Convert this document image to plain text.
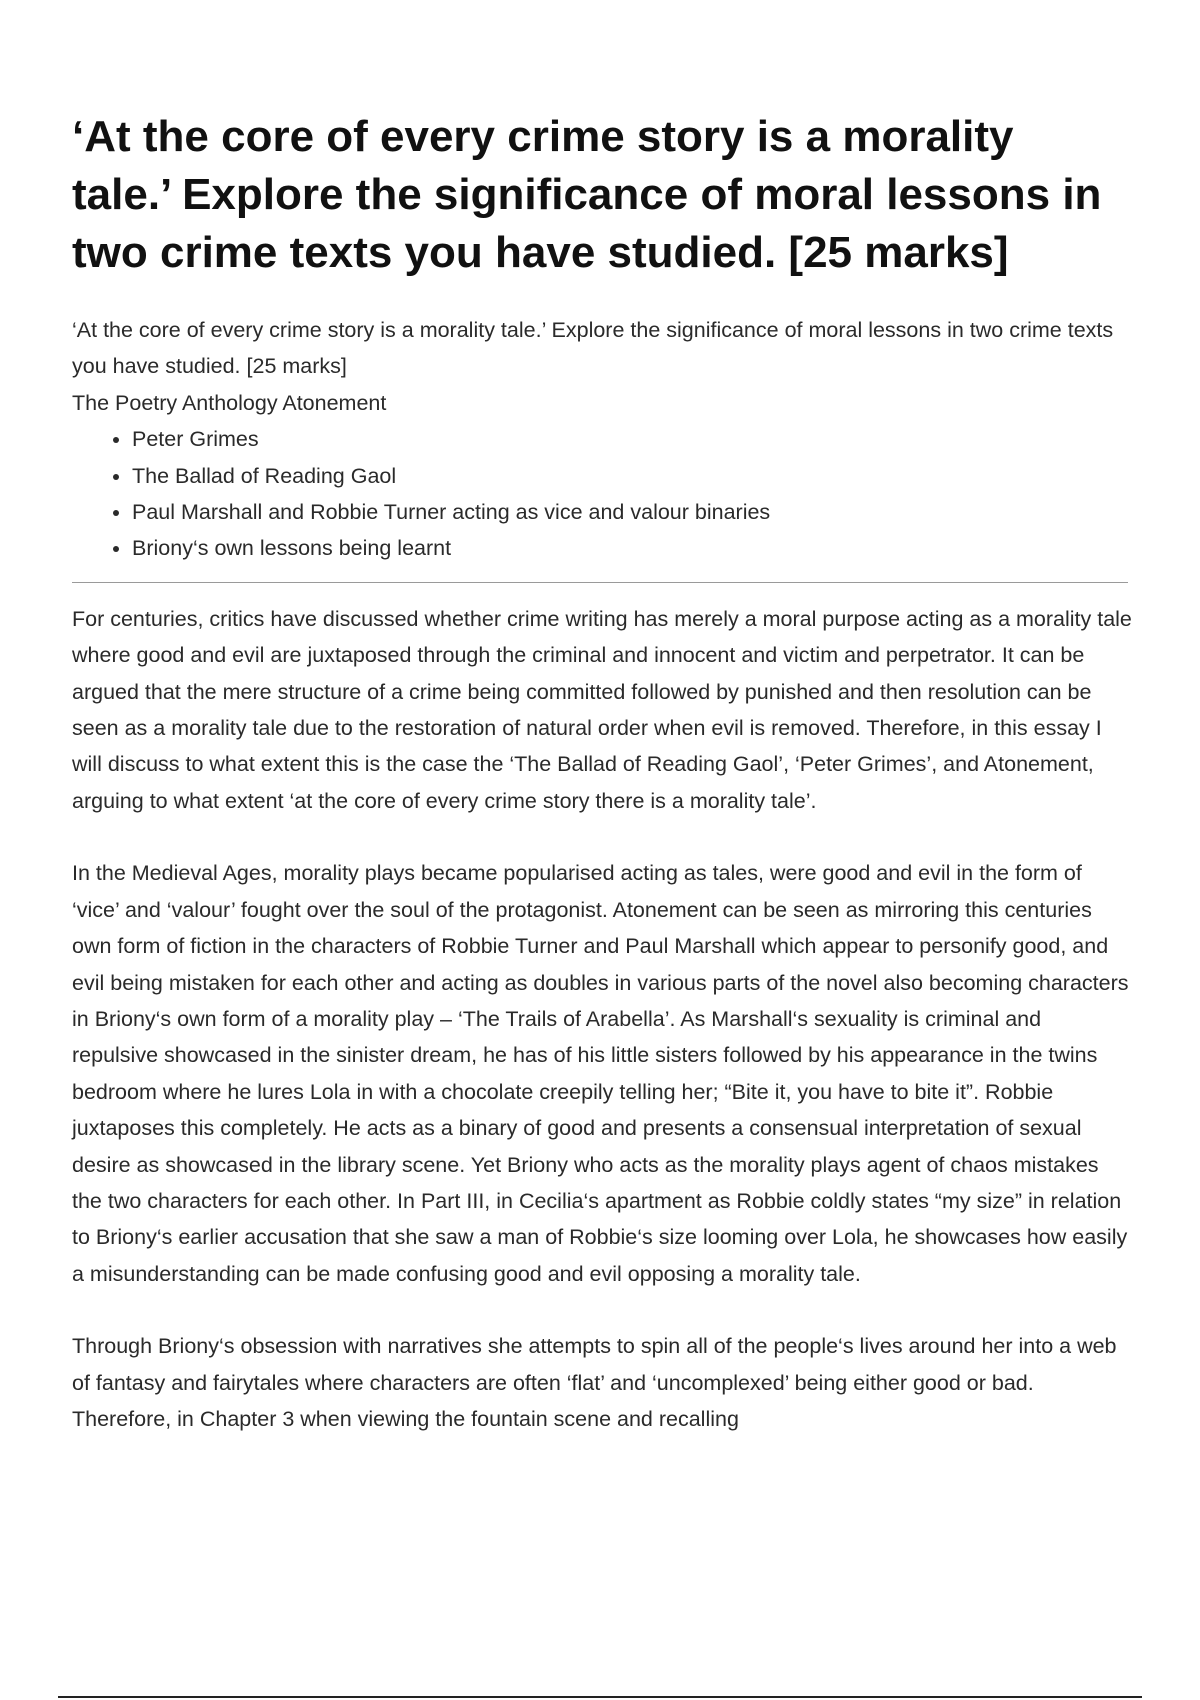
‘At the core of every crime story is a morality tale.’ Explore the significance of moral lessons in two crime texts you have studied. [25 marks]

‘At the core of every crime story is a morality tale.’ Explore the significance of moral lessons in two crime texts you have studied. [25 marks]

The Poetry Anthology Atonement

• Peter Grimes
• The Ballad of Reading Gaol
• Paul Marshall and Robbie Turner acting as vice and valour binaries
• Briony‘s own lessons being learnt

For centuries, critics have discussed whether crime writing has merely a moral purpose acting as a morality tale where good and evil are juxtaposed through the criminal and innocent and victim and perpetrator. It can be argued that the mere structure of a crime being committed followed by punished and then resolution can be seen as a morality tale due to the restoration of natural order when evil is removed. Therefore, in this essay I will discuss to what extent this is the case the ‘The Ballad of Reading Gaol’, ‘Peter Grimes’, and Atonement, arguing to what extent ‘at the core of every crime story there is a morality tale’.

In the Medieval Ages, morality plays became popularised acting as tales, were good and evil in the form of ‘vice’ and ‘valour’ fought over the soul of the protagonist. Atonement can be seen as mirroring this centuries own form of fiction in the characters of Robbie Turner and Paul Marshall which appear to personify good, and evil being mistaken for each other and acting as doubles in various parts of the novel also becoming characters in Briony‘s own form of a morality play – ‘The Trails of Arabella’. As Marshall‘s sexuality is criminal and repulsive showcased in the sinister dream, he has of his little sisters followed by his appearance in the twins bedroom where he lures Lola in with a chocolate creepily telling her; “Bite it, you have to bite it”. Robbie juxtaposes this completely. He acts as a binary of good and presents a consensual interpretation of sexual desire as showcased in the library scene. Yet Briony who acts as the morality plays agent of chaos mistakes the two characters for each other. In Part III, in Cecilia‘s apartment as Robbie coldly states “my size” in relation to Briony‘s earlier accusation that she saw a man of Robbie‘s size looming over Lola, he showcases how easily a misunderstanding can be made confusing good and evil opposing a morality tale.

Through Briony‘s obsession with narratives she attempts to spin all of the people‘s lives around her into a web of fantasy and fairytales where characters are often ‘flat’ and ‘uncomplexed’ being either good or bad. Therefore, in Chapter 3 when viewing the fountain scene and recalling
